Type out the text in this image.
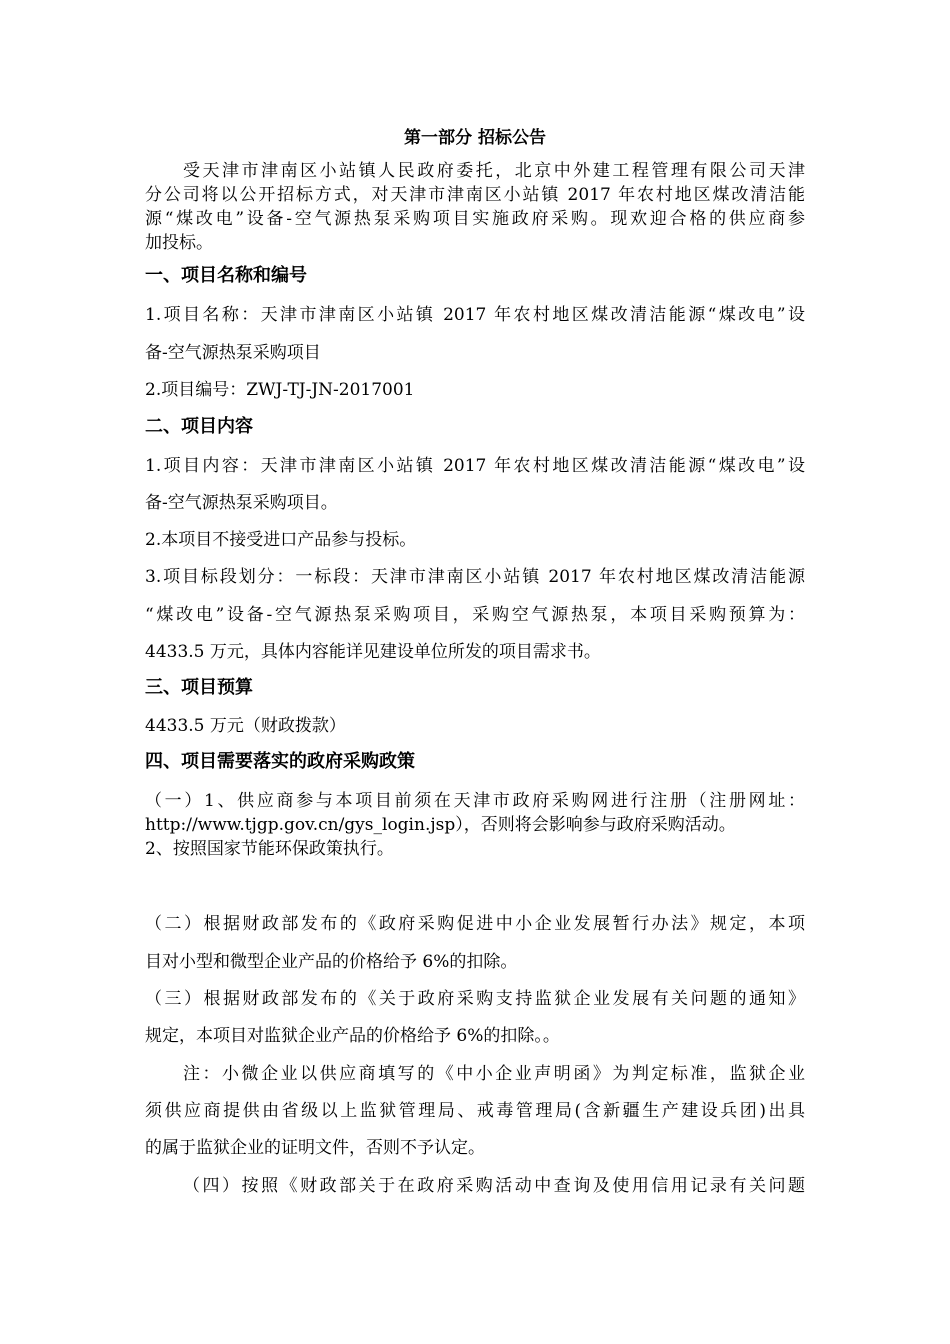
第一部分 招标公告
受天津市津南区小站镇人民政府委托，北京中外建工程管理有限公司天津
分公司将以公开招标方式，对天津市津南区小站镇 2017 年农村地区煤改清洁能
源“煤改电”设备-空气源热泵采购项目实施政府采购。现欢迎合格的供应商参
加投标。
一、项目名称和编号
1.项目名称：天津市津南区小站镇 2017 年农村地区煤改清洁能源“煤改电”设
备-空气源热泵采购项目
2.项目编号：ZWJ-TJ-JN-2017001
二、项目内容
1.项目内容：天津市津南区小站镇 2017 年农村地区煤改清洁能源“煤改电”设
备-空气源热泵采购项目。
2.本项目不接受进口产品参与投标。
3.项目标段划分：一标段：天津市津南区小站镇 2017 年农村地区煤改清洁能源
“煤改电”设备-空气源热泵采购项目，采购空气源热泵，本项目采购预算为：
4433.5 万元，具体内容能详见建设单位所发的项目需求书。
三、项目预算
4433.5 万元（财政拨款）
四、项目需要落实的政府采购政策
（一）1、供应商参与本项目前须在天津市政府采购网进行注册（注册网址：
http://www.tjgp.gov.cn/gys_login.jsp），否则将会影响参与政府采购活动。
2、按照国家节能环保政策执行。
（二）根据财政部发布的《政府采购促进中小企业发展暂行办法》规定，本项
目对小型和微型企业产品的价格给予 6%的扣除。
（三）根据财政部发布的《关于政府采购支持监狱企业发展有关问题的通知》
规定，本项目对监狱企业产品的价格给予 6%的扣除。。
注：小微企业以供应商填写的《中小企业声明函》为判定标准，监狱企业
须供应商提供由省级以上监狱管理局、戒毒管理局(含新疆生产建设兵团)出具
的属于监狱企业的证明文件，否则不予认定。
（四）按照《财政部关于在政府采购活动中查询及使用信用记录有关问题
